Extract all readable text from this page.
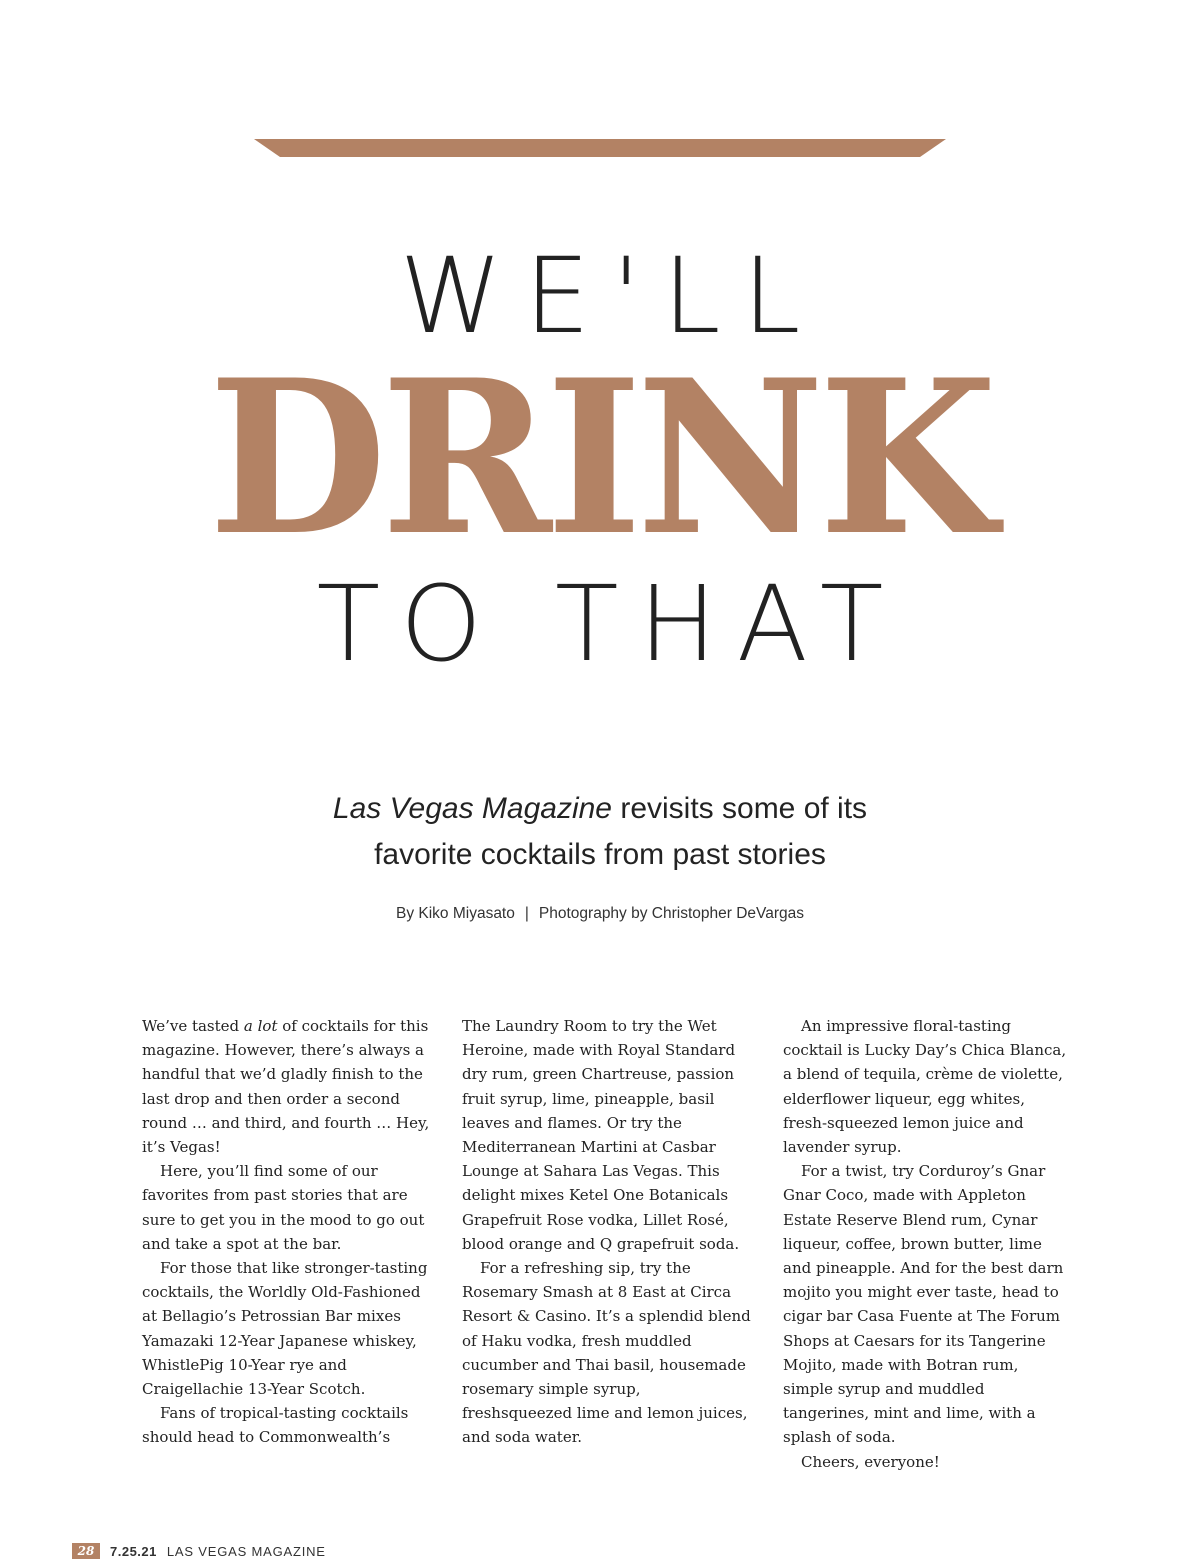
WE'LL
DRINK
TO THAT
Las Vegas Magazine revisits some of its
favorite cocktails from past stories
By Kiko Miyasato | Photography by Christopher DeVargas

We’ve tasted a lot of cocktails for this magazine. However, there’s always a handful that we’d gladly finish to the last drop and then order a second round … and third, and fourth … Hey, it’s Vegas!

Here, you’ll find some of our favorites from past stories that are sure to get you in the mood to go out and take a spot at the bar.

For those that like stronger-tasting cocktails, the Worldly Old-Fashioned at Bellagio’s Petrossian Bar mixes Yamazaki 12-Year Japanese whiskey, WhistlePig 10-Year rye and Craigellachie 13-Year Scotch.

Fans of tropical-tasting cocktails should head to Commonwealth’s

The Laundry Room to try the Wet Heroine, made with Royal Standard dry rum, green Chartreuse, passion fruit syrup, lime, pineapple, basil leaves and flames. Or try the Mediterranean Martini at Casbar Lounge at Sahara Las Vegas. This delight mixes Ketel One Botanicals Grapefruit Rose vodka, Lillet Rosé, blood orange and Q grapefruit soda.

For a refreshing sip, try the Rosemary Smash at 8 East at Circa Resort & Casino. It’s a splendid blend of Haku vodka, fresh muddled cucumber and Thai basil, housemade rosemary simple syrup, freshsqueezed lime and lemon juices, and soda water.

An impressive floral-tasting cocktail is Lucky Day’s Chica Blanca, a blend of tequila, crème de violette, elderflower liqueur, egg whites, fresh-squeezed lemon juice and lavender syrup.

For a twist, try Corduroy’s Gnar Gnar Coco, made with Appleton Estate Reserve Blend rum, Cynar liqueur, coffee, brown butter, lime and pineapple. And for the best darn mojito you might ever taste, head to cigar bar Casa Fuente at The Forum Shops at Caesars for its Tangerine Mojito, made with Botran rum, simple syrup and muddled tangerines, mint and lime, with a splash of soda.

Cheers, everyone!

28	7.25.21 LAS VEGAS MAGAZINE
